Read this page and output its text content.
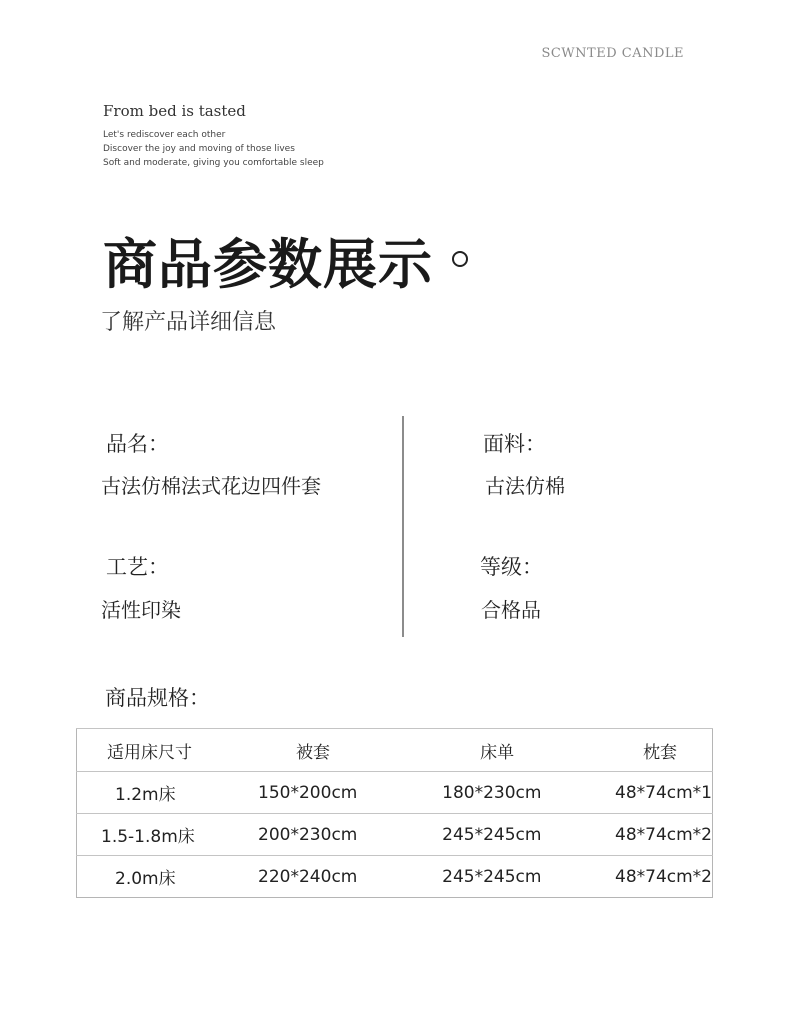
SCWNTED CANDLE
From bed is tasted
Let's rediscover each other
Discover the joy and moving of those lives
Soft and moderate, giving you comfortable sleep
商品参数展示
了解产品详细信息
品名：
古法仿棉法式花边四件套
面料：
古法仿棉
工艺：
活性印染
等级：
合格品
商品规格：
适用床尺寸	被套	床单	枕套
1.2m床	150*200cm	180*230cm	48*74cm*1
1.5-1.8m床	200*230cm	245*245cm	48*74cm*2
2.0m床	220*240cm	245*245cm	48*74cm*2
